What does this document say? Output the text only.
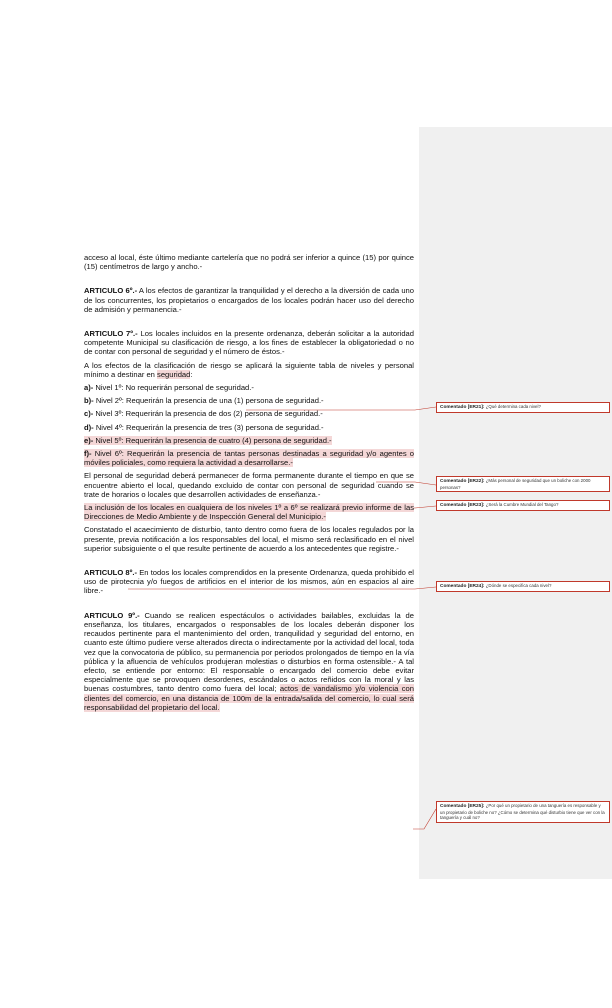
acceso al local, éste último mediante cartelería que no podrá ser inferior a quince (15) por quince (15) centímetros de largo y ancho.-

ARTICULO 6º.- A los efectos de garantizar la tranquilidad y el derecho a la diversión de cada uno de los concurrentes, los propietarios o encargados de los locales podrán hacer uso del derecho de admisión y permanencia.-

ARTICULO 7º.- Los locales incluidos en la presente ordenanza, deberán solicitar a la autoridad competente Municipal su clasificación de riesgo, a los fines de establecer la obligatoriedad o no de contar con personal de seguridad y el número de éstos.-

A los efectos de la clasificación de riesgo se aplicará la siguiente tabla de niveles y personal mínimo a destinar en seguridad:

a)- Nivel 1º: No requerirán personal de seguridad.-

b)- Nivel 2º: Requerirán la presencia de una (1) persona de seguridad.-

c)- Nivel 3º: Requerirán la presencia de dos (2) persona de seguridad.-

d)- Nivel 4º: Requerirán la presencia de tres (3) persona de seguridad.-

e)- Nivel 5º: Requerirán la presencia de cuatro (4) persona de seguridad.-

f)- Nivel 6º: Requerirán la presencia de tantas personas destinadas a seguridad y/o agentes o móviles policiales, como requiera la actividad a desarrollarse.-

El personal de seguridad deberá permanecer de forma permanente durante el tiempo en que se encuentre abierto el local, quedando excluido de contar con personal de seguridad cuando se trate de horarios o locales que desarrollen actividades de enseñanza.-

La inclusión de los locales en cualquiera de los niveles 1º a 6º se realizará previo informe de las Direcciones de Medio Ambiente y de Inspección General del Municipio.-

Constatado el acaecimiento de disturbio, tanto dentro como fuera de los locales regulados por la presente, previa notificación a los responsables del local, el mismo será reclasificado en el nivel superior subsiguiente o el que resulte pertinente de acuerdo a los antecedentes que registre.-

ARTICULO 8º.- En todos los locales comprendidos en la presente Ordenanza, queda prohibido el uso de pirotecnia y/o fuegos de artificios en el interior de los mismos, aún en espacios al aire libre.-

ARTICULO 9º.- Cuando se realicen espectáculos o actividades bailables, excluidas la de enseñanza, los titulares, encargados o responsables de los locales deberán disponer los recaudos pertinente para el mantenimiento del orden, tranquilidad y seguridad del entorno, en cuanto este último pudiere verse alterados directa o indirectamente por la actividad del local, toda vez que la convocatoria de público, su permanencia por periodos prolongados de tiempo en la vía pública y la afluencia de vehículos produjeran molestias o disturbios en forma ostensible.- A tal efecto, se entiende por entorno: El responsable o encargado del comercio debe evitar especialmente que se provoquen desordenes, escándalos o actos reñidos con la moral y las buenas costumbres, tanto dentro como fuera del local; actos de vandalismo y/o violencia con clientes del comercio, en una distancia de 100m de la entrada/salida del comercio, lo cual será responsabilidad del propietario del local.

Comentado [ER21]: ¿Qué determina cada nivel?
Comentado [ER22]: ¿Más personal de seguridad que un boliche con 2000 personas?
Comentado [ER23]: ¿Será la Cumbre Mundial del Tango?
Comentado [ER24]: ¿Dónde se especifica cada nivel?
Comentado [ER25]: ¿Por qué un propietario de una tanguería es responsable y un propietario de boliche no? ¿Cómo se determina qué disturbio tiene que ver con la tanguería y cuál no?
